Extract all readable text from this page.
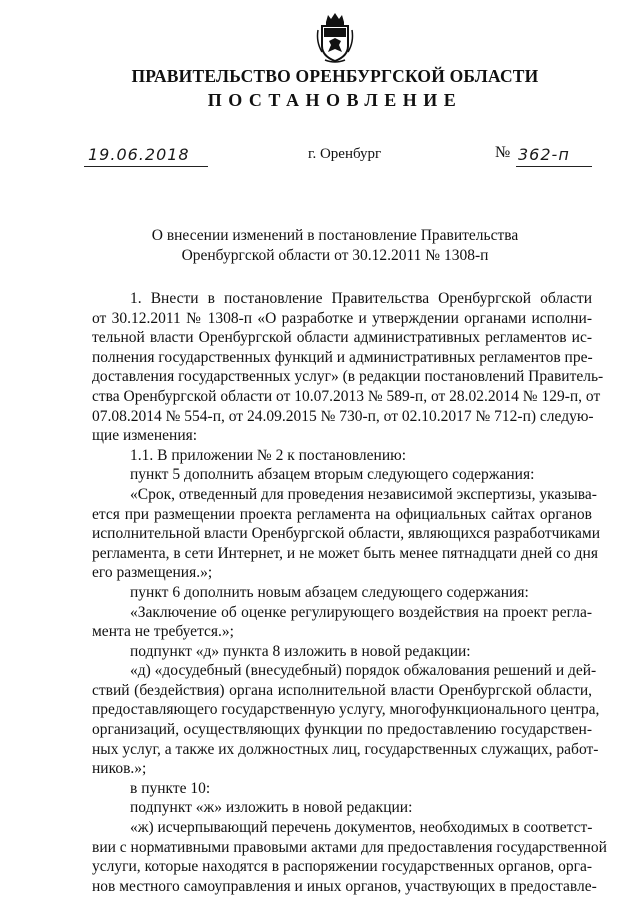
ПРАВИТЕЛЬСТВО ОРЕНБУРГСКОЙ ОБЛАСТИ
ПОСТАНОВЛЕНИЕ
19.06.2018	г. Оренбург	№ 362-п
О внесении изменений в постановление Правительства
Оренбургской области от 30.12.2011 № 1308-п
1. Внести в постановление Правительства Оренбургской области
от 30.12.2011 № 1308-п «О разработке и утверждении органами исполни-
тельной власти Оренбургской области административных регламентов ис-
полнения государственных функций и административных регламентов пре-
доставления государственных услуг» (в редакции постановлений Правитель-
ства Оренбургской области от 10.07.2013 № 589-п, от 28.02.2014 № 129-п, от
07.08.2014 № 554-п, от 24.09.2015 № 730-п, от 02.10.2017 № 712-п) следую-
щие изменения:
1.1. В приложении № 2 к постановлению:
пункт 5 дополнить абзацем вторым следующего содержания:
«Срок, отведенный для проведения независимой экспертизы, указыва-
ется при размещении проекта регламента на официальных сайтах органов
исполнительной власти Оренбургской области, являющихся разработчиками
регламента, в сети Интернет, и не может быть менее пятнадцати дней со дня
его размещения.»;
пункт 6 дополнить новым абзацем следующего содержания:
«Заключение об оценке регулирующего воздействия на проект регла-
мента не требуется.»;
подпункт «д» пункта 8 изложить в новой редакции:
«д) «досудебный (внесудебный) порядок обжалования решений и дей-
ствий (бездействия) органа исполнительной власти Оренбургской области,
предоставляющего государственную услугу, многофункционального центра,
организаций, осуществляющих функции по предоставлению государствен-
ных услуг, а также их должностных лиц, государственных служащих, работ-
ников.»;
в пункте 10:
подпункт «ж» изложить в новой редакции:
«ж) исчерпывающий перечень документов, необходимых в соответст-
вии с нормативными правовыми актами для предоставления государственной
услуги, которые находятся в распоряжении государственных органов, орга-
нов местного самоуправления и иных органов, участвующих в предоставле-
